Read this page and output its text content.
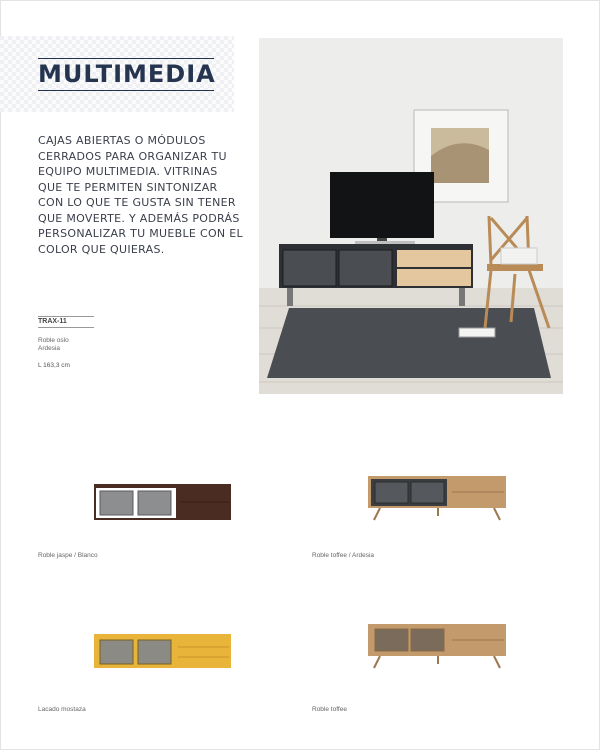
MULTIMEDIA
CAJAS ABIERTAS O MÓDULOS CERRADOS PARA ORGANIZAR TU EQUIPO MULTIMEDIA. VITRINAS QUE TE PERMITEN SINTONIZAR CON LO QUE TE GUSTA SIN TENER QUE MOVERTE. Y ADEMÁS PODRÁS PERSONALIZAR TU MUEBLE CON EL COLOR QUE QUIERAS.
TRAX-11
Roble oslo
Ardesia
L 163,3 cm
Roble jaspe / Blanco	Roble toffee / Ardesia
Lacado mostaza	Roble toffee
